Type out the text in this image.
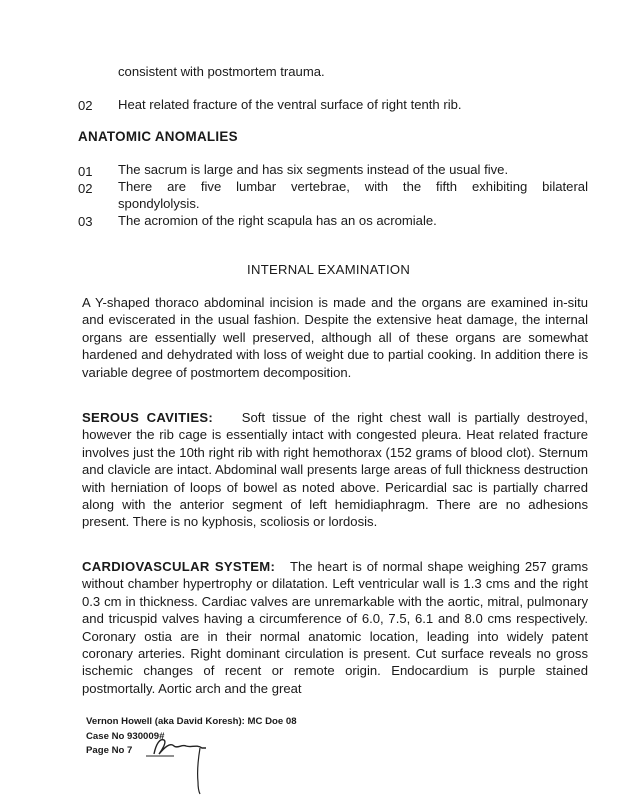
consistent with postmortem trauma.
02 Heat related fracture of the ventral surface of right tenth rib.
ANATOMIC ANOMALIES
01 The sacrum is large and has six segments instead of the usual five.
02 There are five lumbar vertebrae, with the fifth exhibiting bilateral
spondylolysis.
03 The acromion of the right scapula has an os acromiale.
INTERNAL EXAMINATION
A Y-shaped thoraco abdominal incision is made and the organs are examined in-situ and eviscerated in the usual fashion. Despite the extensive heat damage, the internal organs are essentially well preserved, although all of these organs are somewhat hardened and dehydrated with loss of weight due to partial cooking. In addition there is variable degree of postmortem decomposition.
SEROUS CAVITIES: Soft tissue of the right chest wall is partially destroyed, however the rib cage is essentially intact with congested pleura. Heat related fracture involves just the 10th right rib with right hemothorax (152 grams of blood clot). Sternum and clavicle are intact. Abdominal wall presents large areas of full thickness destruction with herniation of loops of bowel as noted above. Pericardial sac is partially charred along with the anterior segment of left hemidiaphragm. There are no adhesions present. There is no kyphosis, scoliosis or lordosis.
CARDIOVASCULAR SYSTEM: The heart is of normal shape weighing 257 grams without chamber hypertrophy or dilatation. Left ventricular wall is 1.3 cms and the right 0.3 cm in thickness. Cardiac valves are unremarkable with the aortic, mitral, pulmonary and tricuspid valves having a circumference of 6.0, 7.5, 6.1 and 8.0 cms respectively. Coronary ostia are in their normal anatomic location, leading into widely patent coronary arteries. Right dominant circulation is present. Cut surface reveals no gross ischemic changes of recent or remote origin. Endocardium is purple stained postmortally. Aortic arch and the great
Vernon Howell (aka David Koresh): MC Doe 08
Case No 930009#
Page No 7
